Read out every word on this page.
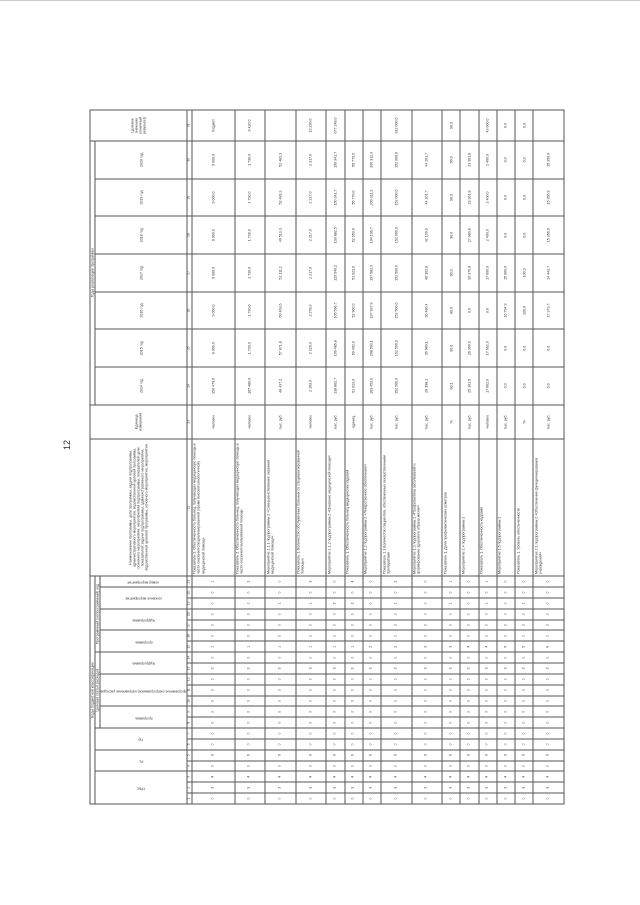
12
Коды бюджетной классификации																					Наименование программы, цели программы, задачи подпрограммы, административного мероприятия, ведомственной целевой программы, основного мероприятия, мероприятия подпрограммы, показателей цели, показателей задачи подпрограммы, административного мероприятия, ведомственной целевой программы, основного мероприятия, мероприятия	Единица измерения	Годы реализации программы							Целевое значение (конечный результат)

ГРБС			Рз		Пр		Целевая статья расходов							Программный (непрограммный) код									2014 год	2015 год	2016 год	2017 год	2018 год	2019 год	2020 год	

							программа		программное (непрограммное) направление расходов			подпрограмма		программа		подпрограмма		основное мероприятие		номер мероприятия										

1	2	3	4	5	6	7	8	9	10	11	12	13	14	15	16	17	18	19	20	21	22	23	24	25	26	27	28	29	30	31
0	3	4	0	9	0	0	0	0	0	0	0	3	0	1	0	0	0	0	0	1	Показатель 1. Обеспеченность больниц, получающих медицинскую помощь в части оказания специализированной (кроме высокотехнологичной) медицинской помощи	человек	350 479,6	9 000,0	9 000,0	9 000,0	9 000,0	9 000,0	9 000,0	бюджет
0	3	4	0	9	0	0	0	0	0	0	0	3	0	1	0	0	0	1	0	2	Показатель 2. Обеспеченность больниц, получающих медицинскую помощь в части оказания паллиативной помощи	человек	167 480,0	1 730,0	1 730,0	1 730,0	1 730,0	1 730,0	1 730,0	9 420,0
0	3	4	0	9	0	0	0	0	0	0	0	3	0	1	0	0	0	1	0	0	Мероприятие 1.1.1 подпрограммы 2 «Совершенствование оказания медицинской помощи»	тыс. руб.	48 437,2	57 871,8	50 463,6	51 111,1	49 513,3	52 483,3	52 483,3	
0	3	4	0	9	0	0	0	0	0	0	0	3	0	1	0	0	0	1	0	3	Показатель 1. Количество обслуженных больных со специализированной помощью	человек	2 193,0	2 229,0	2 278,0	2 217,0	2 217,0	2 217,0	2 317,0	13 230,0
0	3	4	0	9	0	0	0	0	0	0	0	3	0	1	0	0	0	2	0	0	Мероприятие 1.1.2 подпрограммы 2 «Оказание медицинской помощи»	тыс. руб.	138 862,7	106 485,8	105 596,7	125 540,2	130 882,5	150 341,7	150 341,7	677 248,0
0	3	4	0	9	0	0	0	0	0	0	0	3	0	1	0	0	0	2	0	4	Показатель 1. Обеспеченность больниц медицинских изделий	единиц	51 023,0	50 492,0	52 960,0	51 023,0	52 653,9	55 770,0	55 770,0	
0	3	4	0	9	0	0	0	0	0	0	0	3	0	2	0	0	0	0	0	0	Мероприятие 1.2 подпрограммы 2 «Лекарственное обеспечение»	тыс. руб.	163 453,0	208 593,1	197 937,9	197 582,3	194 196,7	200 311,3	200 311,3	
0	3	4	0	9	0	0	0	0	0	0	0	3	0	2	0	0	0	1	0	2	Показатель 1.1 Количество пациентов, обеспеченных лекарственными препаратами	тыс. руб.	152 500,0	152 500,0	152 500,0	153 500,0	152 000,0	152 000,0	152 000,0	912 000,0
0	3	4	0	9	0	0	0	0	0	0	0	3	0	3	0	0	0	0	0	0	Мероприятие 1.3 подпрограммы 2 «Профилактика заболеваний и формирование здорового образа жизни»	тыс. руб.	29 398,1	36 989,1	36 480,4	46 163,8	42 139,0	44 201,7	44 201,7	
0	3	4	0	9	0	0	0	0	0	0	0	3	0	3	0	0	0	1	0	1	Показатель 1. Доля профилактических осмотров	%	80,1	90,0	90,0	90,0	90,0	90,0	90,0	90,0
0	3	4	0	9	0	0	0	0	0	0	0	3	0	4	0	0	0	0	0	0	Мероприятие 1.4 подпрограммы 2	тыс. руб.	25 161,5	26 309,9	0,0	30 370,8	27 083,8	23 361,8	23 361,8	
0	3	4	0	9	0	0	0	0	0	0	0	3	0	4	0	0	0	1	0	1	Показатель 1. Обеспеченность кадрами	человек	17 662,0	17 662,0	0,0	17 600,0	2 400,0	2 400,0	2 400,0	43 000,0
0	3	4	0	9	0	0	0	0	0	0	0	3	0	5	0	0	0	0	0	0	Мероприятие 1.5 подпрограммы 2	тыс. руб.	0,0	0,0	16 794,9	15 000,0	0,0	0,0	0,0	0,0
0	3	4	0	9	0	0	0	0	0	0	0	3	0	5	0	0	0	1	0	0	Показатель 1. Уровень обеспеченности	%	0,0	0,0	100,0	100,0	0,0	0,0	0,0	0,0
0	3	4	0	9	0	0	0	0	0	0	0	3	0	6	0	0	0	0	0	0	Мероприятие 2.1 подпрограммы 2 «Обеспечение функционирования учреждений»	тыс. руб.	0,0	0,0	17 373,7	14 443,7	15 356,9	15 356,9	15 356,9	
